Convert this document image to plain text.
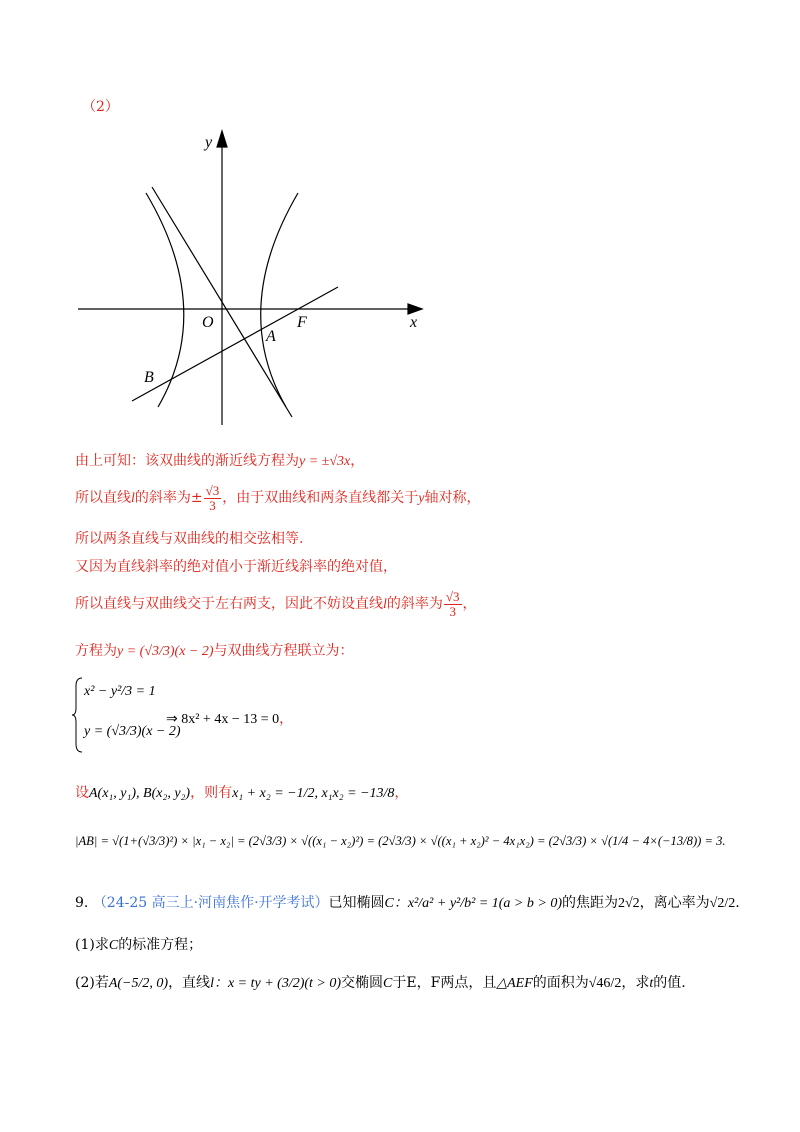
（2）
y
x
O	F
A
B
由上可知：该双曲线的渐近线方程为y = ±√3x，
所以直线l的斜率为± $\frac{√3}{3}$ ，由于双曲线和两条直线都关于y轴对称，
所以两条直线与双曲线的相交弦相等.
又因为直线斜率的绝对值小于渐近线斜率的绝对值，
所以直线与双曲线交于左右两支，因此不妨设直线l的斜率为 $\frac{√3}{3}$ ，
方程为y = (√3/3)(x − 2)与双曲线方程联立为：
x² − y²/3 = 1
y = (√3/3)(x − 2)
⇒ 8x² + 4x − 13 = 0，
设A(x₁, y₁), B(x₂, y₂)，则有x₁ + x₂ = −1/2, x₁x₂ = −13/8，
|AB| = √(1+(√3/3)²) × |x₁ − x₂| = (2√3/3) × √((x₁ − x₂)²) = (2√3/3) × √((x₁ + x₂)² − 4x₁x₂) = (2√3/3) × √(1/4 − 4×(−13/8)) = 3.
9. （24-25 高三上·河南焦作·开学考试）已知椭圆C：x²/a² + y²/b² = 1(a > b > 0)的焦距为2√2，离心率为√2/2.
(1)求C的标准方程；
(2)若A(−5/2, 0)，直线l：x = ty + (3/2)(t > 0)交椭圆C于E，F两点，且△AEF的面积为√46/2，求t的值.
